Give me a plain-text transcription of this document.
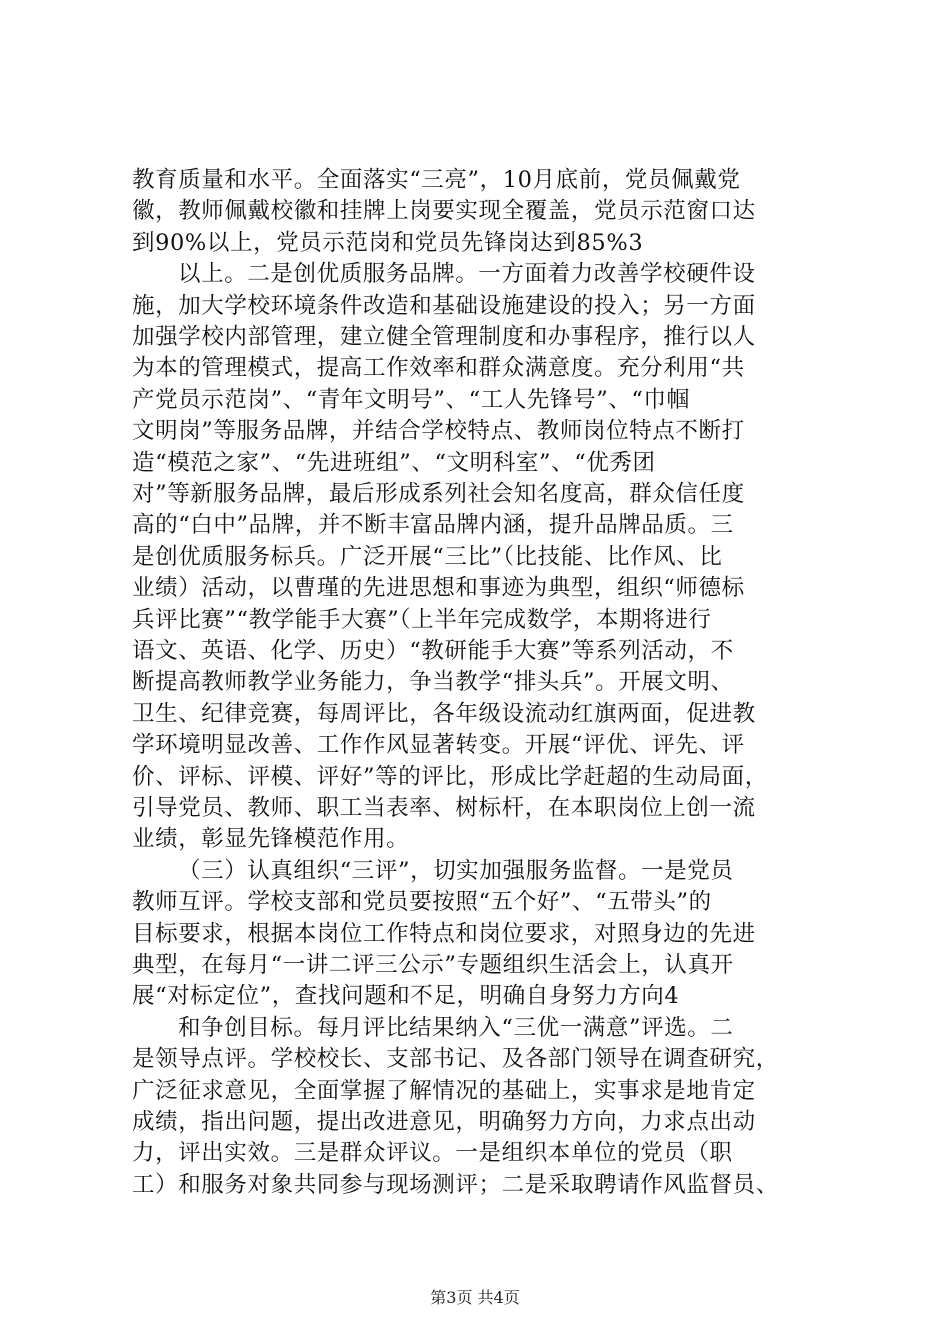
教育质量和水平。全面落实“三亮”，10月底前，党员佩戴党
徽，教师佩戴校徽和挂牌上岗要实现全覆盖，党员示范窗口达
到90%以上，党员示范岗和党员先锋岗达到85%3
以上。二是创优质服务品牌。一方面着力改善学校硬件设
施，加大学校环境条件改造和基础设施建设的投入；另一方面
加强学校内部管理，建立健全管理制度和办事程序，推行以人
为本的管理模式，提高工作效率和群众满意度。充分利用“共
产党员示范岗”、“青年文明号”、“工人先锋号”、“巾帼
文明岗”等服务品牌，并结合学校特点、教师岗位特点不断打
造“模范之家”、“先进班组”、“文明科室”、“优秀团
对”等新服务品牌，最后形成系列社会知名度高，群众信任度
高的“白中”品牌，并不断丰富品牌内涵，提升品牌品质。三
是创优质服务标兵。广泛开展“三比”（比技能、比作风、比
业绩）活动，以曹瑾的先进思想和事迹为典型，组织“师德标
兵评比赛”“教学能手大赛”（上半年完成数学，本期将进行
语文、英语、化学、历史）“教研能手大赛”等系列活动，不
断提高教师教学业务能力，争当教学“排头兵”。开展文明、
卫生、纪律竞赛，每周评比，各年级设流动红旗两面，促进教
学环境明显改善、工作作风显著转变。开展“评优、评先、评
价、评标、评模、评好”等的评比，形成比学赶超的生动局面，
引导党员、教师、职工当表率、树标杆，在本职岗位上创一流
业绩，彰显先锋模范作用。
（三）认真组织“三评”，切实加强服务监督。一是党员
教师互评。学校支部和党员要按照“五个好”、“五带头”的
目标要求，根据本岗位工作特点和岗位要求，对照身边的先进
典型，在每月“一讲二评三公示”专题组织生活会上，认真开
展“对标定位”，查找问题和不足，明确自身努力方向4
和争创目标。每月评比结果纳入“三优一满意”评选。二
是领导点评。学校校长、支部书记、及各部门领导在调查研究，
广泛征求意见，全面掌握了解情况的基础上，实事求是地肯定
成绩，指出问题，提出改进意见，明确努力方向，力求点出动
力，评出实效。三是群众评议。一是组织本单位的党员（职
工）和服务对象共同参与现场测评；二是采取聘请作风监督员、
第3页 共4页
